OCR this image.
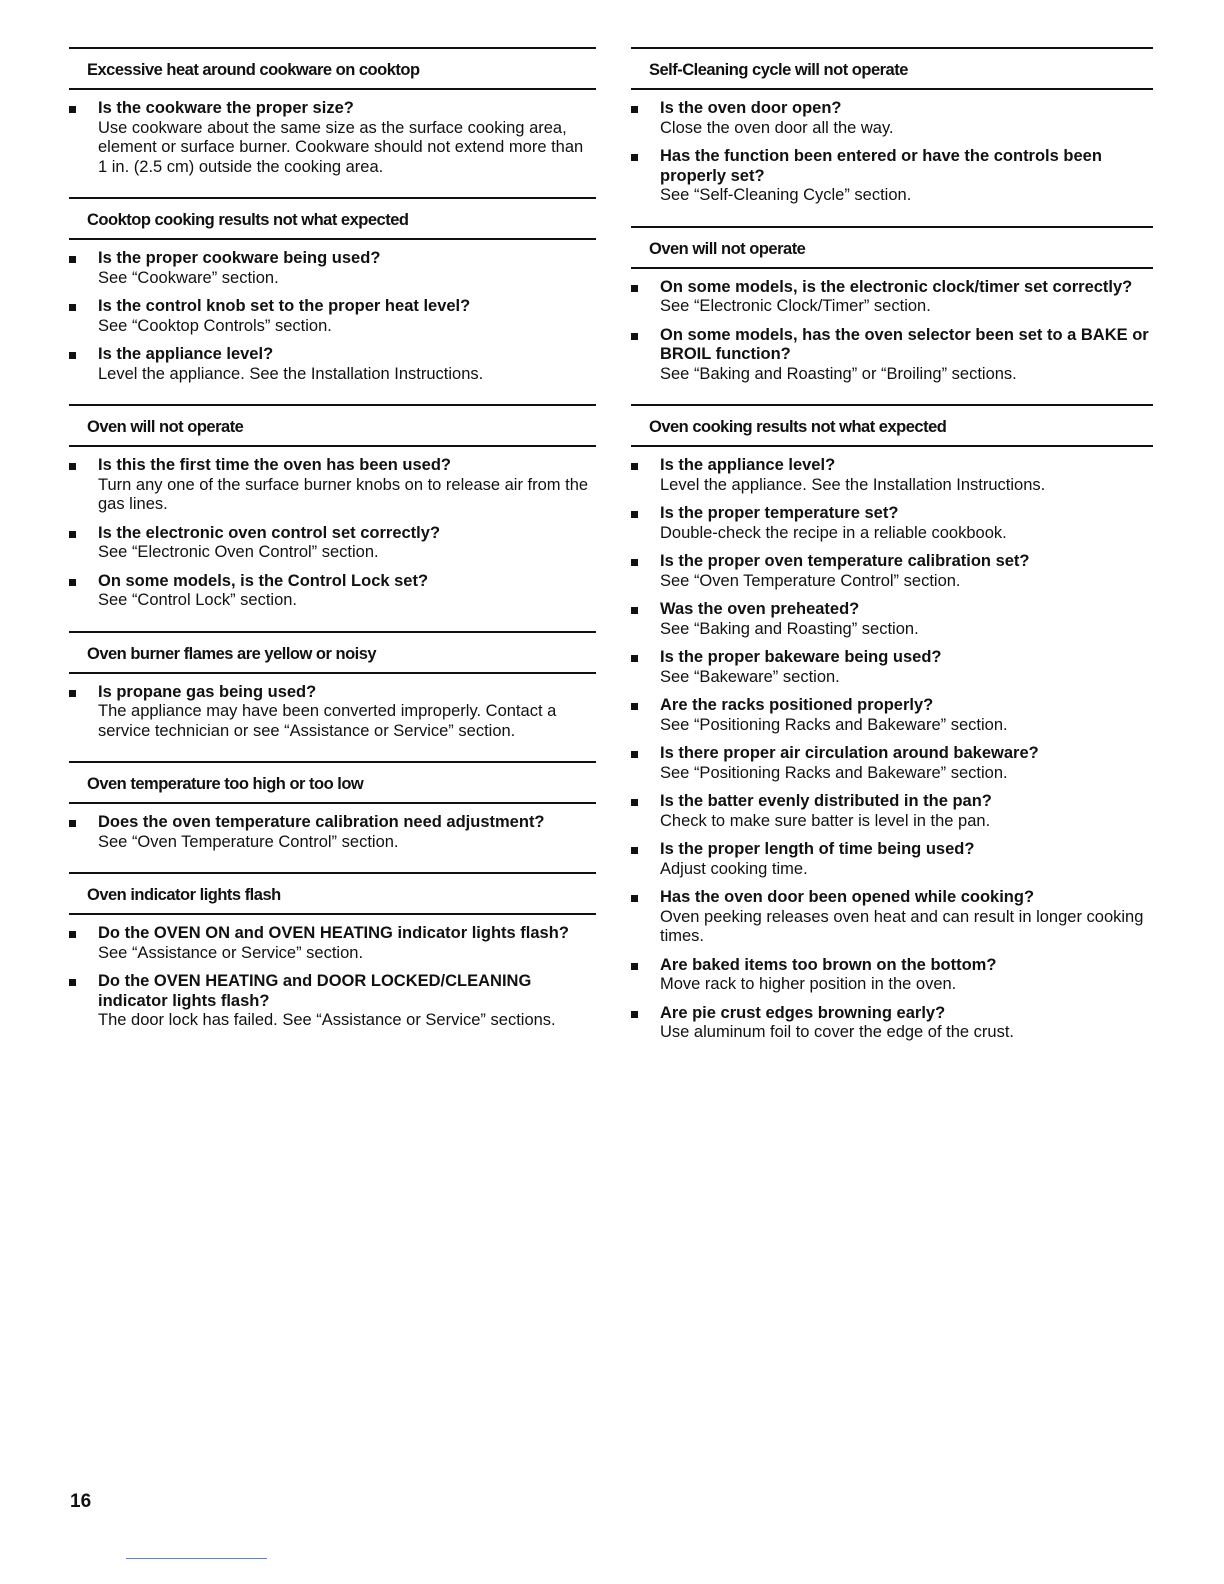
Excessive heat around cookware on cooktop
Is the cookware the proper size?
Use cookware about the same size as the surface cooking area, element or surface burner. Cookware should not extend more than 1 in. (2.5 cm) outside the cooking area.
Cooktop cooking results not what expected
Is the proper cookware being used?
See “Cookware” section.
Is the control knob set to the proper heat level?
See “Cooktop Controls” section.
Is the appliance level?
Level the appliance. See the Installation Instructions.
Oven will not operate
Is this the first time the oven has been used?
Turn any one of the surface burner knobs on to release air from the gas lines.
Is the electronic oven control set correctly?
See “Electronic Oven Control” section.
On some models, is the Control Lock set?
See “Control Lock” section.
Oven burner flames are yellow or noisy
Is propane gas being used?
The appliance may have been converted improperly. Contact a service technician or see “Assistance or Service” section.
Oven temperature too high or too low
Does the oven temperature calibration need adjustment?
See “Oven Temperature Control” section.
Oven indicator lights flash
Do the OVEN ON and OVEN HEATING indicator lights flash?
See “Assistance or Service” section.
Do the OVEN HEATING and DOOR LOCKED/CLEANING indicator lights flash?
The door lock has failed. See “Assistance or Service” sections.
Self-Cleaning cycle will not operate
Is the oven door open?
Close the oven door all the way.
Has the function been entered or have the controls been properly set?
See “Self-Cleaning Cycle” section.
Oven will not operate
On some models, is the electronic clock/timer set correctly?
See “Electronic Clock/Timer” section.
On some models, has the oven selector been set to a BAKE or BROIL function?
See “Baking and Roasting” or “Broiling” sections.
Oven cooking results not what expected
Is the appliance level?
Level the appliance. See the Installation Instructions.
Is the proper temperature set?
Double-check the recipe in a reliable cookbook.
Is the proper oven temperature calibration set?
See “Oven Temperature Control” section.
Was the oven preheated?
See “Baking and Roasting” section.
Is the proper bakeware being used?
See “Bakeware” section.
Are the racks positioned properly?
See “Positioning Racks and Bakeware” section.
Is there proper air circulation around bakeware?
See “Positioning Racks and Bakeware” section.
Is the batter evenly distributed in the pan?
Check to make sure batter is level in the pan.
Is the proper length of time being used?
Adjust cooking time.
Has the oven door been opened while cooking?
Oven peeking releases oven heat and can result in longer cooking times.
Are baked items too brown on the bottom?
Move rack to higher position in the oven.
Are pie crust edges browning early?
Use aluminum foil to cover the edge of the crust.
16
